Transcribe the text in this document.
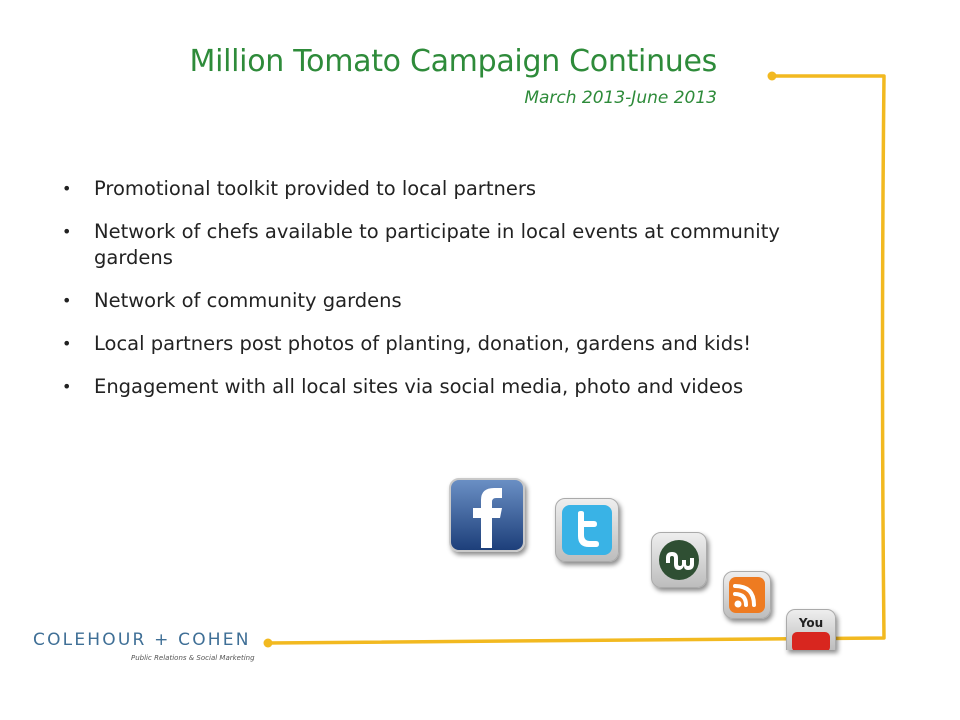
Million Tomato Campaign Continues
March 2013-June 2013
• Promotional toolkit provided to local partners
• Network of chefs available to participate in local events at community gardens
• Network of community gardens
• Local partners post photos of planting, donation, gardens and kids!
• Engagement with all local sites via social media, photo and videos
You
COLEHOUR + COHEN
Public Relations & Social Marketing
